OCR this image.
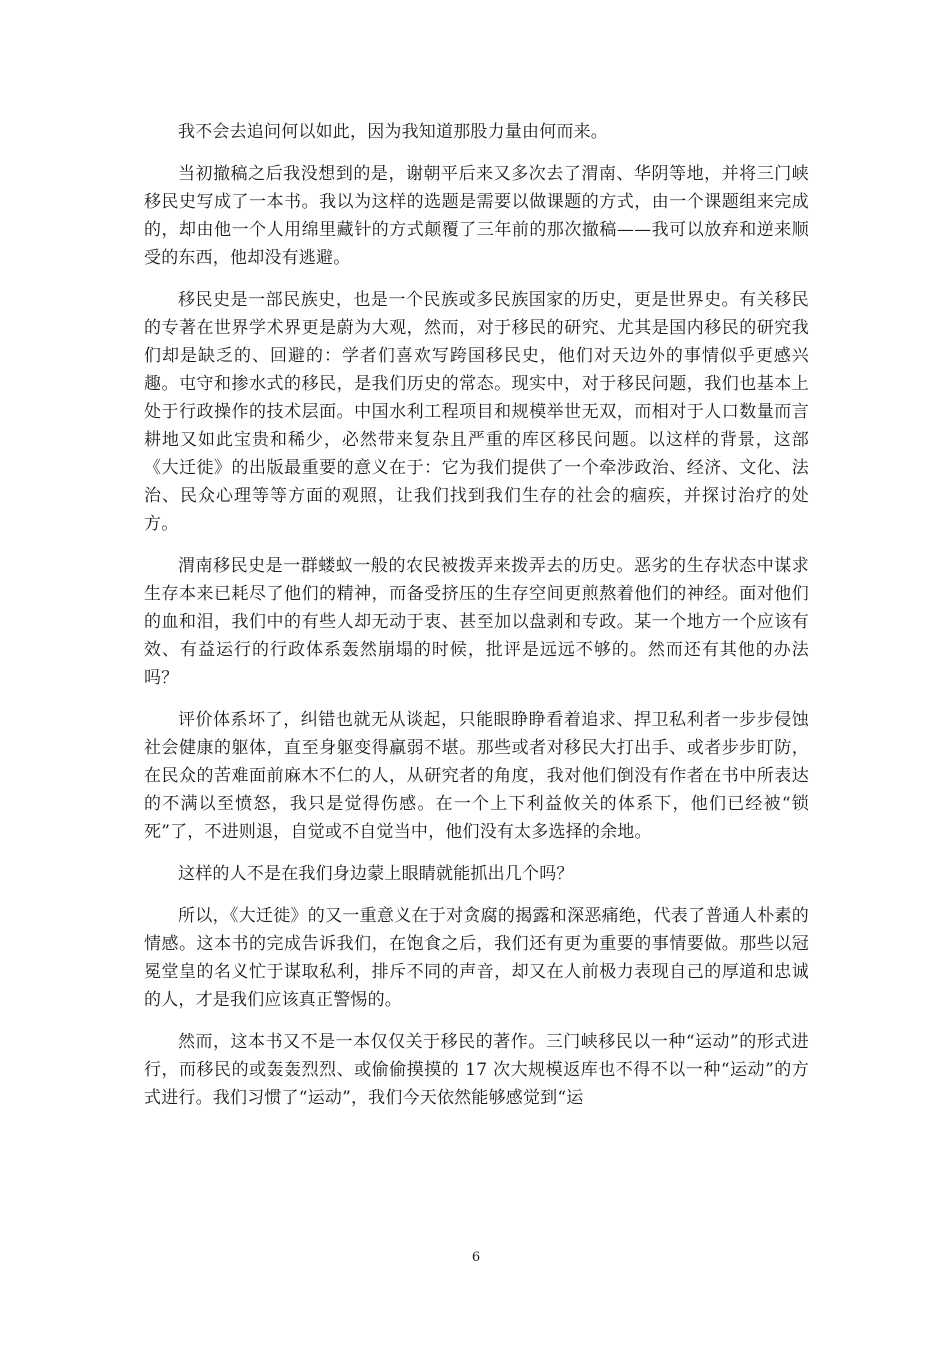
我不会去追问何以如此，因为我知道那股力量由何而来。

当初撤稿之后我没想到的是，谢朝平后来又多次去了渭南、华阴等地，并将三门峡移民史写成了一本书。我以为这样的选题是需要以做课题的方式，由一个课题组来完成的，却由他一个人用绵里藏针的方式颠覆了三年前的那次撤稿——我可以放弃和逆来顺受的东西，他却没有逃避。

移民史是一部民族史，也是一个民族或多民族国家的历史，更是世界史。有关移民的专著在世界学术界更是蔚为大观，然而，对于移民的研究、尤其是国内移民的研究我们却是缺乏的、回避的：学者们喜欢写跨国移民史，他们对天边外的事情似乎更感兴趣。屯守和掺水式的移民，是我们历史的常态。现实中，对于移民问题，我们也基本上处于行政操作的技术层面。中国水利工程项目和规模举世无双，而相对于人口数量而言耕地又如此宝贵和稀少，必然带来复杂且严重的库区移民问题。以这样的背景，这部《大迁徙》的出版最重要的意义在于：它为我们提供了一个牵涉政治、经济、文化、法治、民众心理等等方面的观照，让我们找到我们生存的社会的痼疾，并探讨治疗的处方。

渭南移民史是一群蝼蚁一般的农民被拨弄来拨弄去的历史。恶劣的生存状态中谋求生存本来已耗尽了他们的精神，而备受挤压的生存空间更煎熬着他们的神经。面对他们的血和泪，我们中的有些人却无动于衷、甚至加以盘剥和专政。某一个地方一个应该有效、有益运行的行政体系轰然崩塌的时候，批评是远远不够的。然而还有其他的办法吗？

评价体系坏了，纠错也就无从谈起，只能眼睁睁看着追求、捍卫私利者一步步侵蚀社会健康的躯体，直至身躯变得羸弱不堪。那些或者对移民大打出手、或者步步盯防，在民众的苦难面前麻木不仁的人，从研究者的角度，我对他们倒没有作者在书中所表达的不满以至愤怒，我只是觉得伤感。在一个上下利益攸关的体系下，他们已经被“锁死”了，不进则退，自觉或不自觉当中，他们没有太多选择的余地。

这样的人不是在我们身边蒙上眼睛就能抓出几个吗？

所以，《大迁徙》的又一重意义在于对贪腐的揭露和深恶痛绝，代表了普通人朴素的情感。这本书的完成告诉我们，在饱食之后，我们还有更为重要的事情要做。那些以冠冕堂皇的名义忙于谋取私利，排斥不同的声音，却又在人前极力表现自己的厚道和忠诚的人，才是我们应该真正警惕的。

然而，这本书又不是一本仅仅关于移民的著作。三门峡移民以一种“运动”的形式进行，而移民的或轰轰烈烈、或偷偷摸摸的 17 次大规模返库也不得不以一种“运动”的方式进行。我们习惯了“运动”，我们今天依然能够感觉到“运

6
